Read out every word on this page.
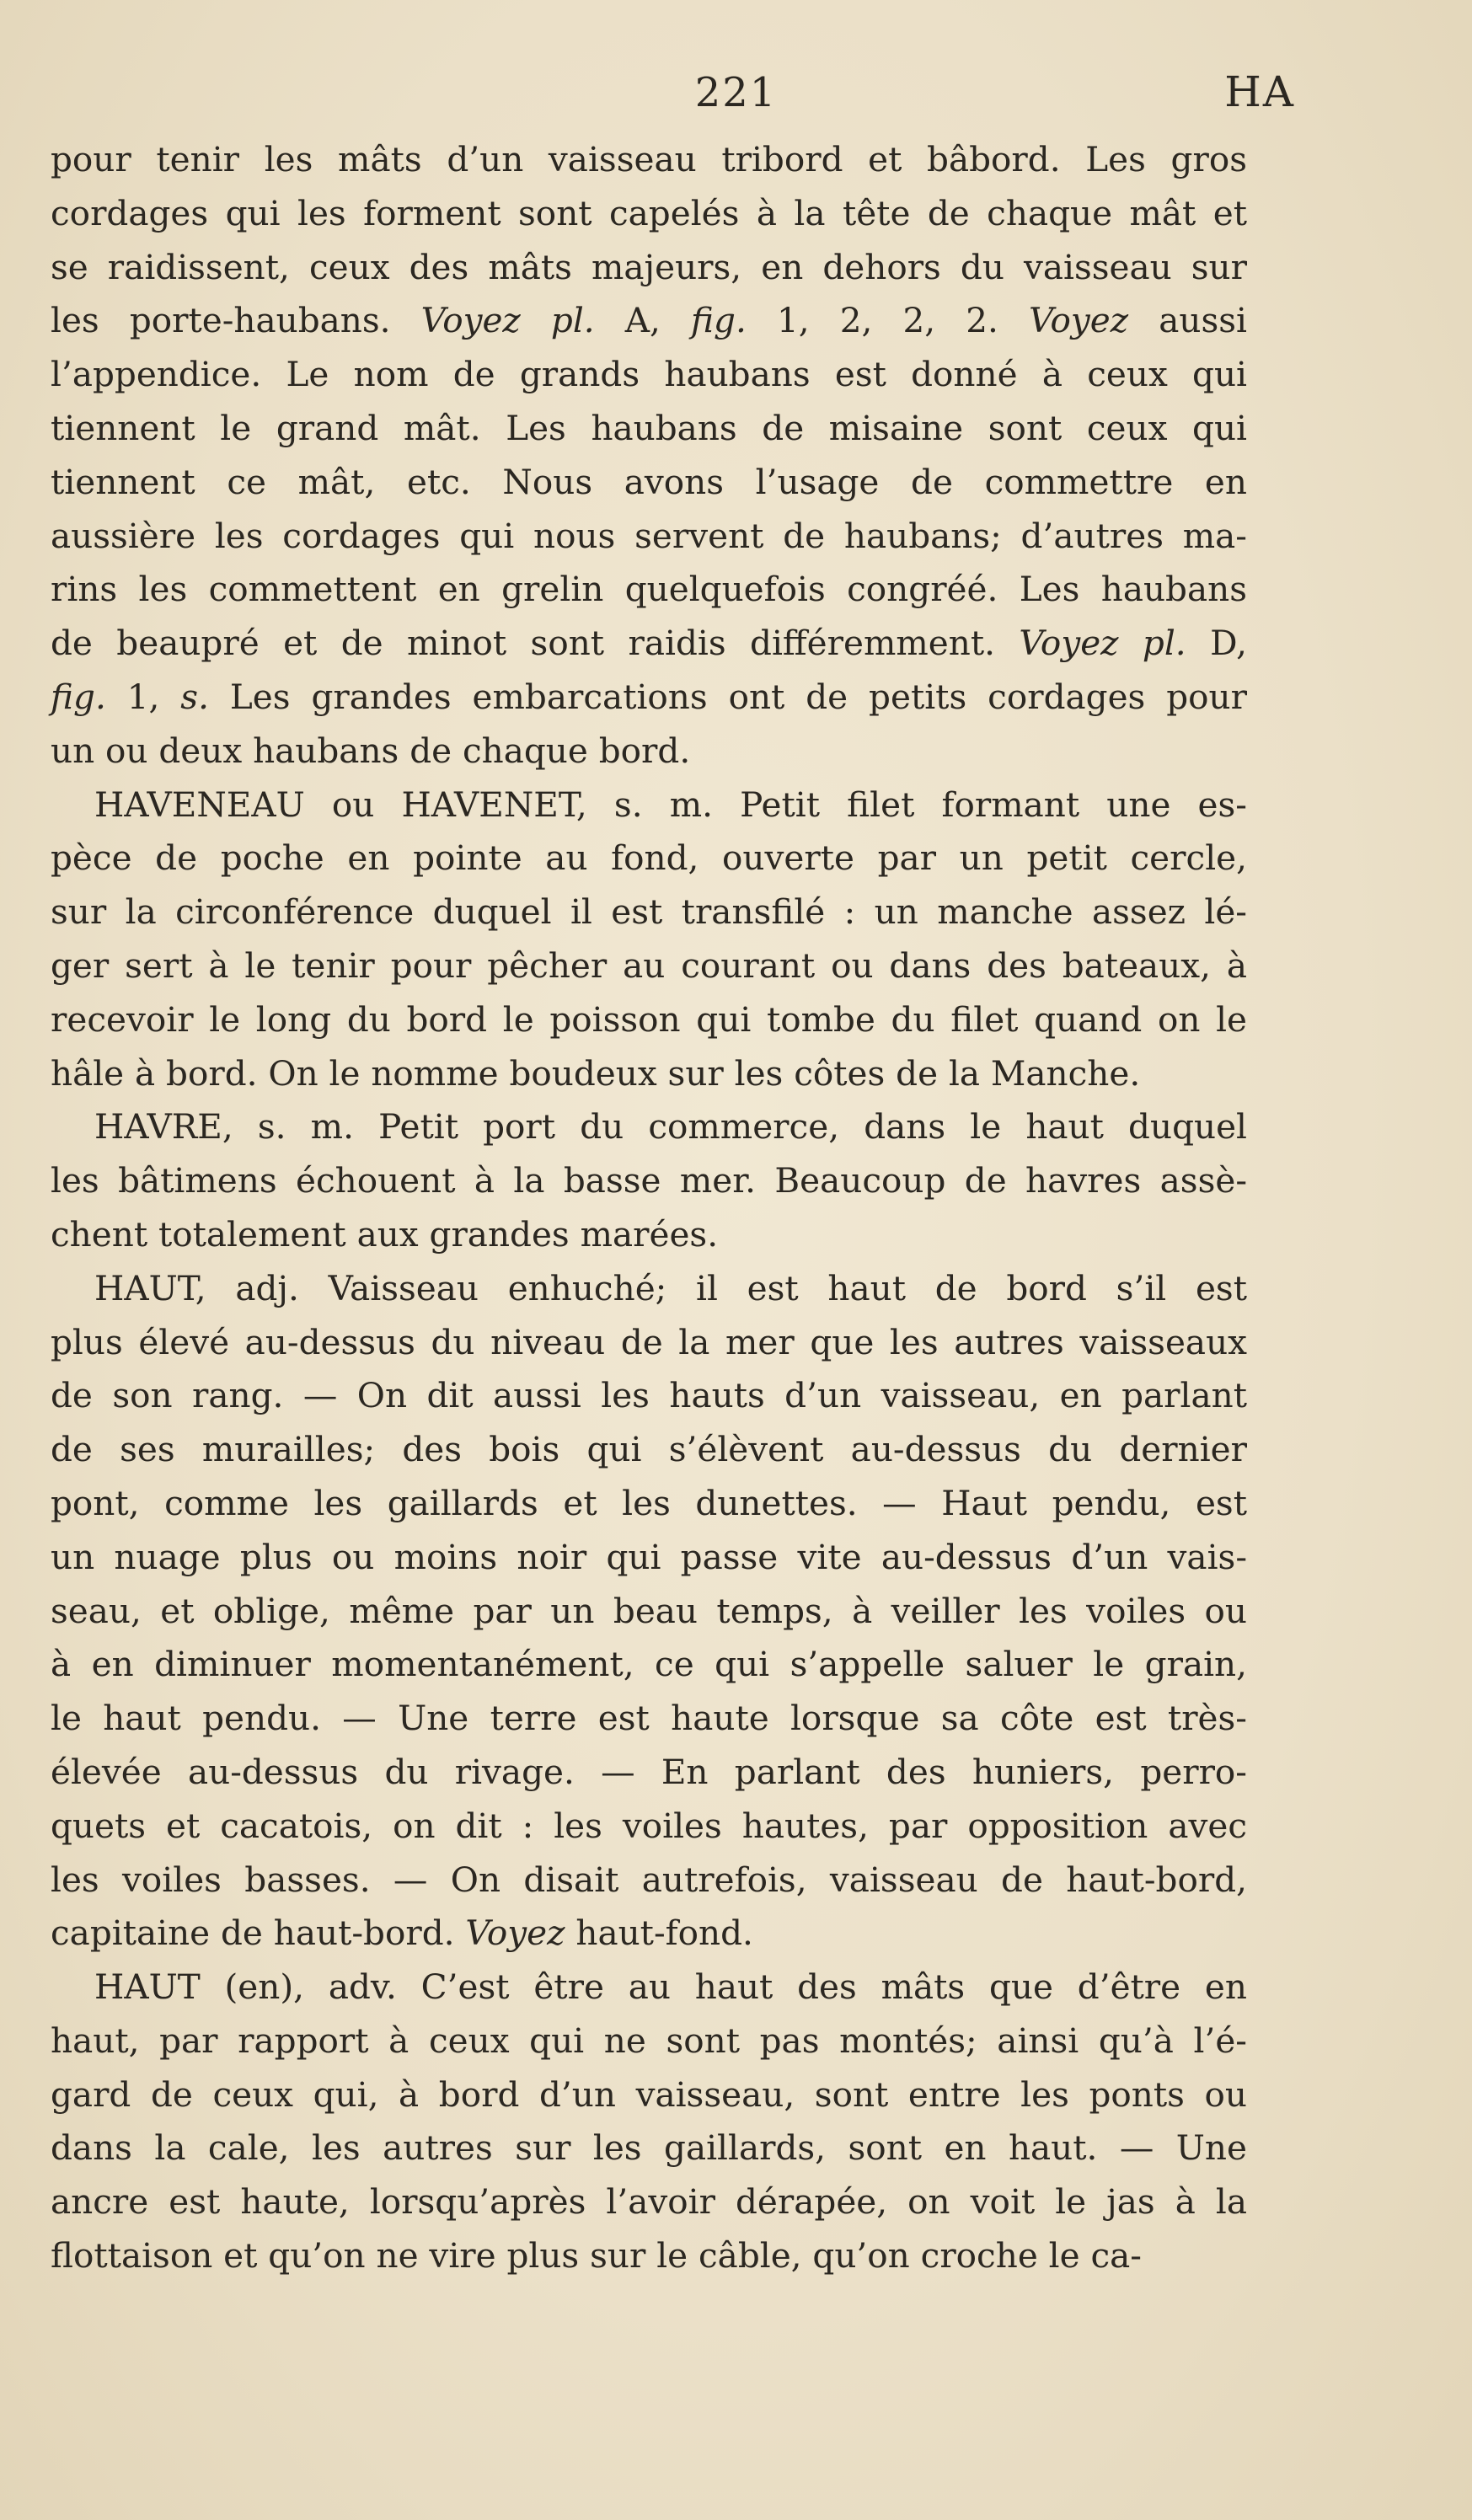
221	HA
pour tenir les mâts d’un vaisseau tribord et bâbord. Les gros
cordages qui les forment sont capelés à la tête de chaque mât et
se raidissent, ceux des mâts majeurs, en dehors du vaisseau sur
les porte-haubans. Voyez pl. A, fig. 1, 2, 2, 2. Voyez aussi
l’appendice. Le nom de grands haubans est donné à ceux qui
tiennent le grand mât. Les haubans de misaine sont ceux qui
tiennent ce mât, etc. Nous avons l’usage de commettre en
aussière les cordages qui nous servent de haubans; d’autres ma-
rins les commettent en grelin quelquefois congréé. Les haubans
de beaupré et de minot sont raidis différemment. Voyez pl. D,
fig. 1, s. Les grandes embarcations ont de petits cordages pour
un ou deux haubans de chaque bord.
HAVENEAU ou HAVENET, s. m. Petit filet formant une es-
pèce de poche en pointe au fond, ouverte par un petit cercle,
sur la circonférence duquel il est transfilé : un manche assez lé-
ger sert à le tenir pour pêcher au courant ou dans des bateaux, à
recevoir le long du bord le poisson qui tombe du filet quand on le
hâle à bord. On le nomme boudeux sur les côtes de la Manche.
HAVRE, s. m. Petit port du commerce, dans le haut duquel
les bâtimens échouent à la basse mer. Beaucoup de havres assè-
chent totalement aux grandes marées.
HAUT, adj. Vaisseau enhuché; il est haut de bord s’il est
plus élevé au-dessus du niveau de la mer que les autres vaisseaux
de son rang. — On dit aussi les hauts d’un vaisseau, en parlant
de ses murailles; des bois qui s’élèvent au-dessus du dernier
pont, comme les gaillards et les dunettes. — Haut pendu, est
un nuage plus ou moins noir qui passe vite au-dessus d’un vais-
seau, et oblige, même par un beau temps, à veiller les voiles ou
à en diminuer momentanément, ce qui s’appelle saluer le grain,
le haut pendu. — Une terre est haute lorsque sa côte est très-
élevée au-dessus du rivage. — En parlant des huniers, perro-
quets et cacatois, on dit : les voiles hautes, par opposition avec
les voiles basses. — On disait autrefois, vaisseau de haut-bord,
capitaine de haut-bord. Voyez haut-fond.
HAUT (en), adv. C’est être au haut des mâts que d’être en
haut, par rapport à ceux qui ne sont pas montés; ainsi qu’à l’é-
gard de ceux qui, à bord d’un vaisseau, sont entre les ponts ou
dans la cale, les autres sur les gaillards, sont en haut. — Une
ancre est haute, lorsqu’après l’avoir dérapée, on voit le jas à la
flottaison et qu’on ne vire plus sur le câble, qu’on croche le ca-
